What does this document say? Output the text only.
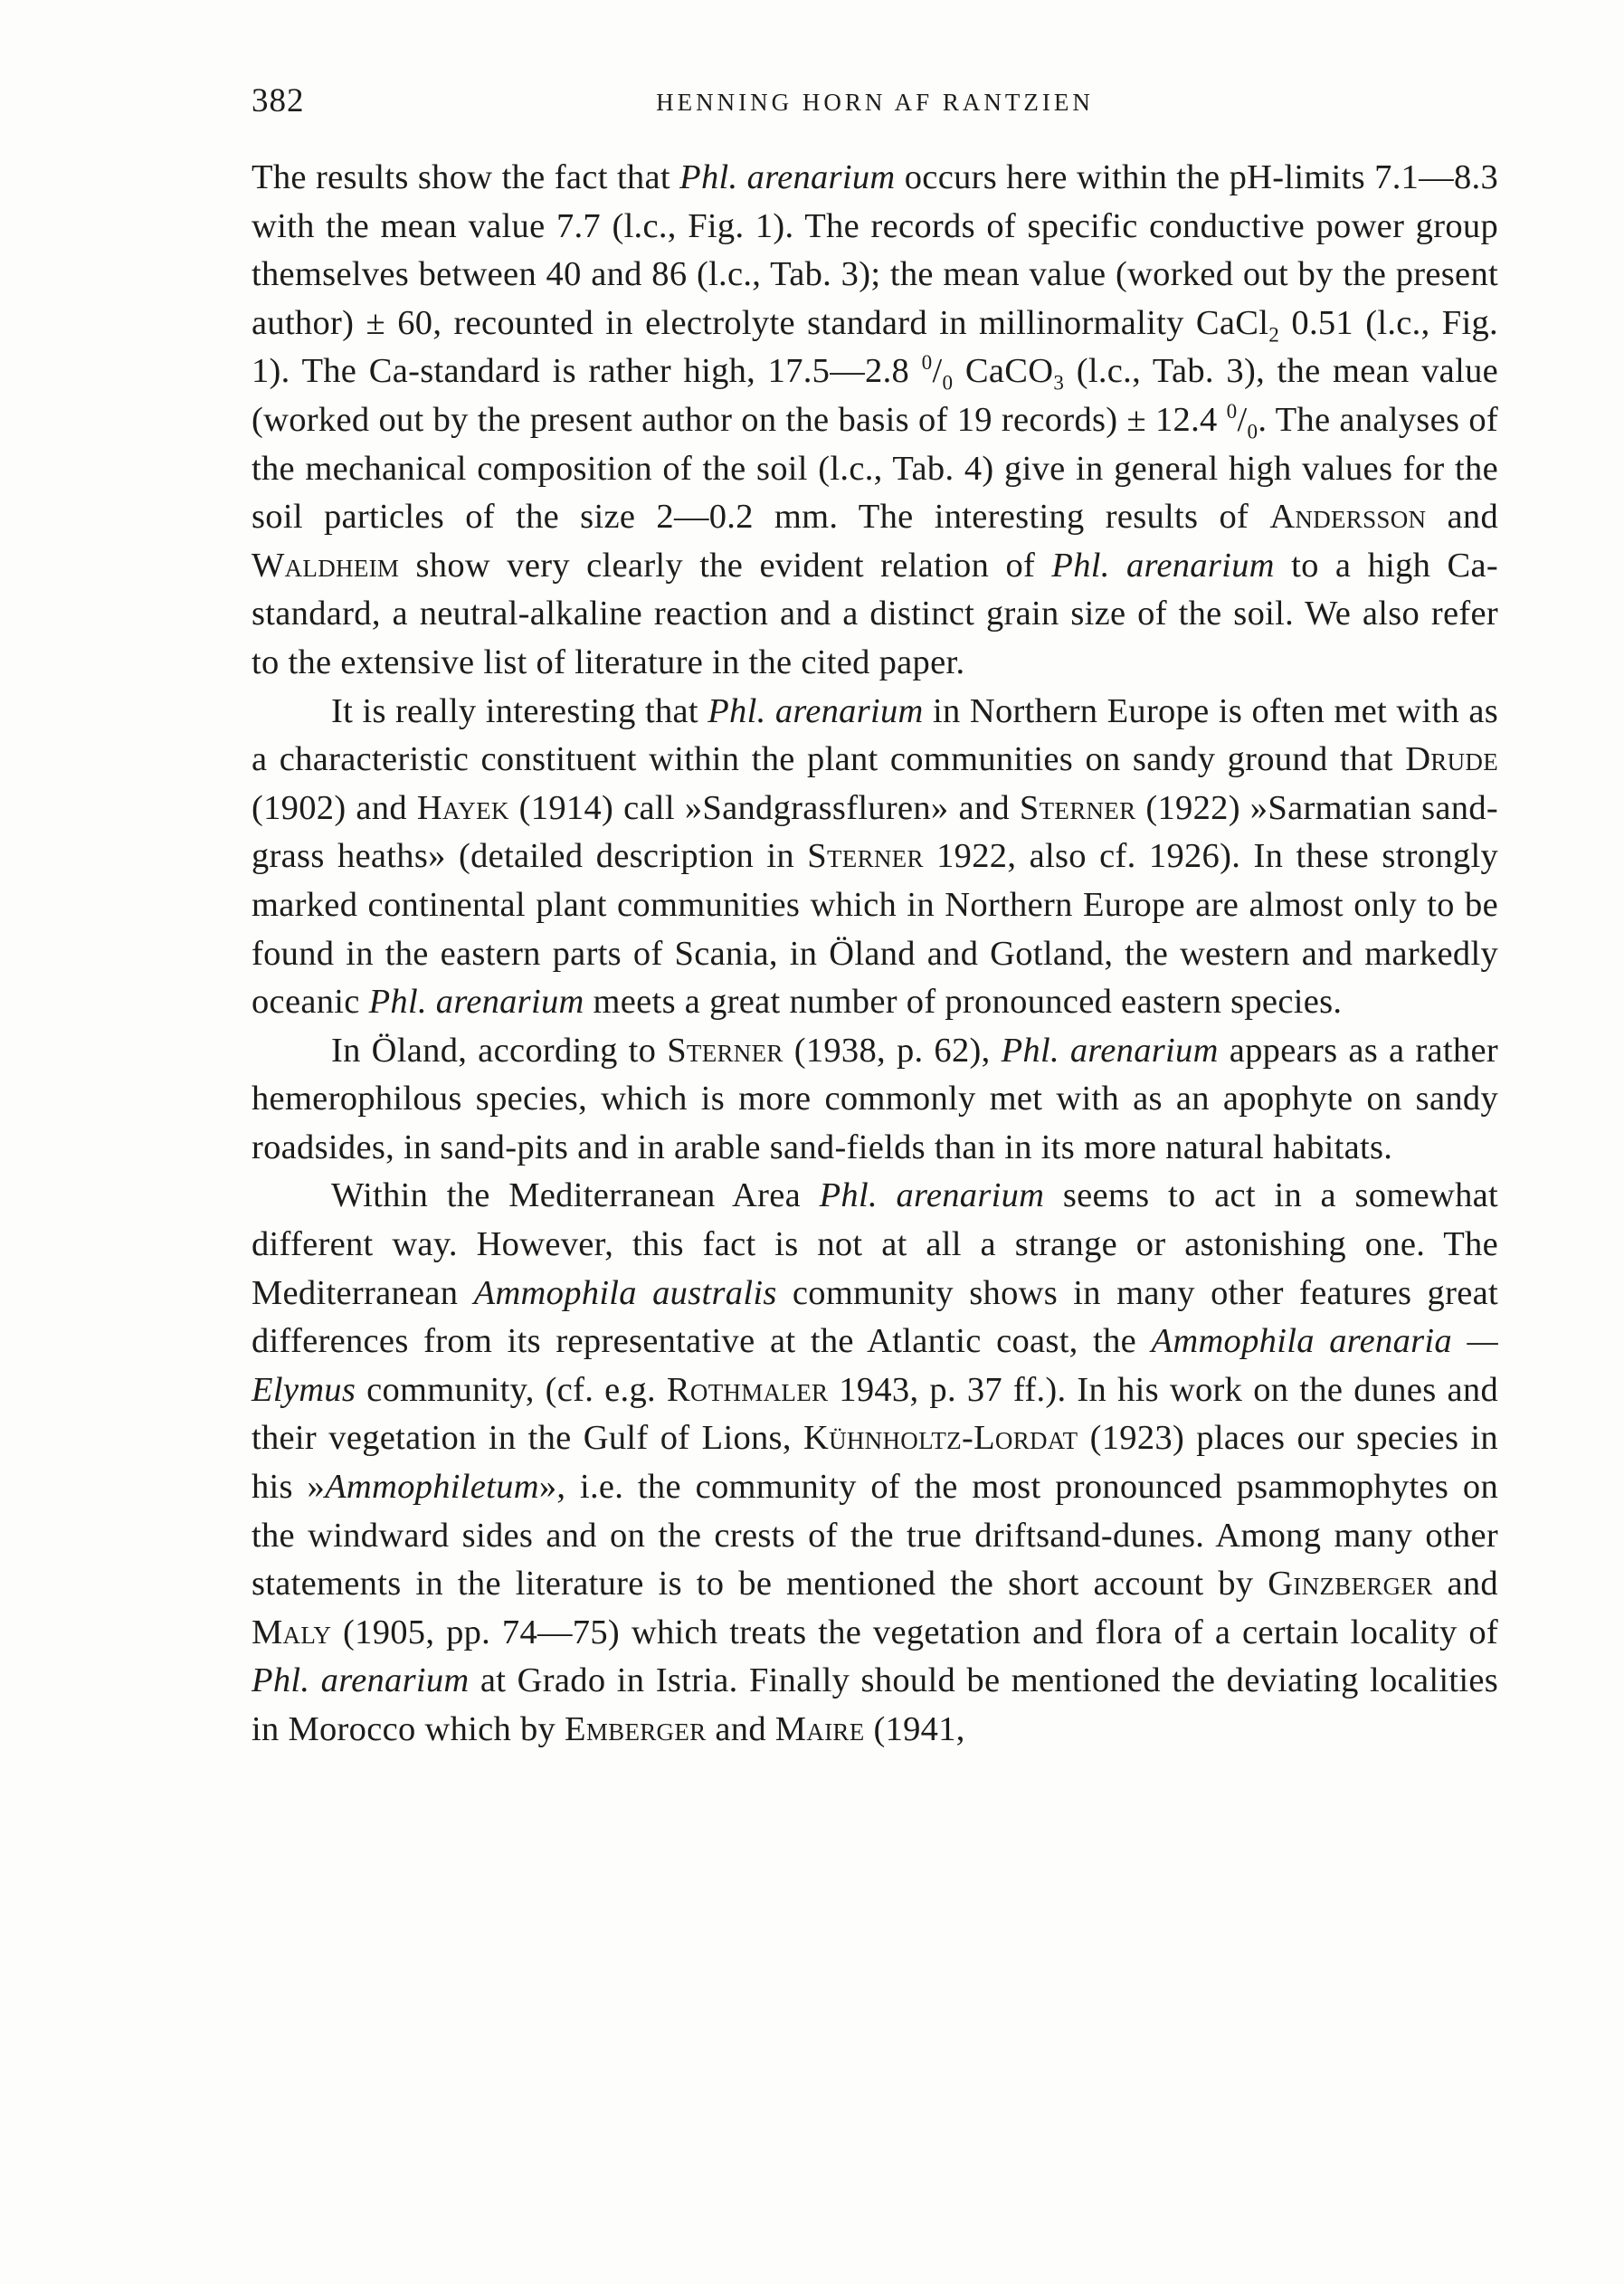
382	HENNING HORN AF RANTZIEN

The results show the fact that Phl. arenarium occurs here within the pH-limits 7.1—8.3 with the mean value 7.7 (l.c., Fig. 1). The records of specific conductive power group themselves between 40 and 86 (l.c., Tab. 3); the mean value (worked out by the present author) ± 60, recounted in electrolyte standard in millinormality CaCl$_2$ 0.51 (l.c., Fig. 1). The Ca-standard is rather high, 17.5—2.8 $^0/_0$ CaCO$_3$ (l.c., Tab. 3), the mean value (worked out by the present author on the basis of 19 records) ± 12.4 $^0/_0$. The analyses of the mechanical composition of the soil (l.c., Tab. 4) give in general high values for the soil particles of the size 2—0.2 mm. The interesting results of Andersson and Waldheim show very clearly the evident relation of Phl. arenarium to a high Ca-standard, a neutral-alkaline reaction and a distinct grain size of the soil. We also refer to the extensive list of literature in the cited paper.

It is really interesting that Phl. arenarium in Northern Europe is often met with as a characteristic constituent within the plant communities on sandy ground that Drude (1902) and Hayek (1914) call »Sandgrassfluren» and Sterner (1922) »Sarmatian sand-grass heaths» (detailed description in Sterner 1922, also cf. 1926). In these strongly marked continental plant communities which in Northern Europe are almost only to be found in the eastern parts of Scania, in Öland and Gotland, the western and markedly oceanic Phl. arenarium meets a great number of pronounced eastern species.

In Öland, according to Sterner (1938, p. 62), Phl. arenarium appears as a rather hemerophilous species, which is more commonly met with as an apophyte on sandy roadsides, in sand-pits and in arable sand-fields than in its more natural habitats.

Within the Mediterranean Area Phl. arenarium seems to act in a somewhat different way. However, this fact is not at all a strange or astonishing one. The Mediterranean Ammophila australis community shows in many other features great differences from its representative at the Atlantic coast, the Ammophila arenaria — Elymus community, (cf. e.g. Rothmaler 1943, p. 37 ff.). In his work on the dunes and their vegetation in the Gulf of Lions, Kühnholtz-Lordat (1923) places our species in his »Ammophiletum», i.e. the community of the most pronounced psammophytes on the windward sides and on the crests of the true driftsand-dunes. Among many other statements in the literature is to be mentioned the short account by Ginzberger and Maly (1905, pp. 74—75) which treats the vegetation and flora of a certain locality of Phl. arenarium at Grado in Istria. Finally should be mentioned the deviating localities in Morocco which by Emberger and Maire (1941,
